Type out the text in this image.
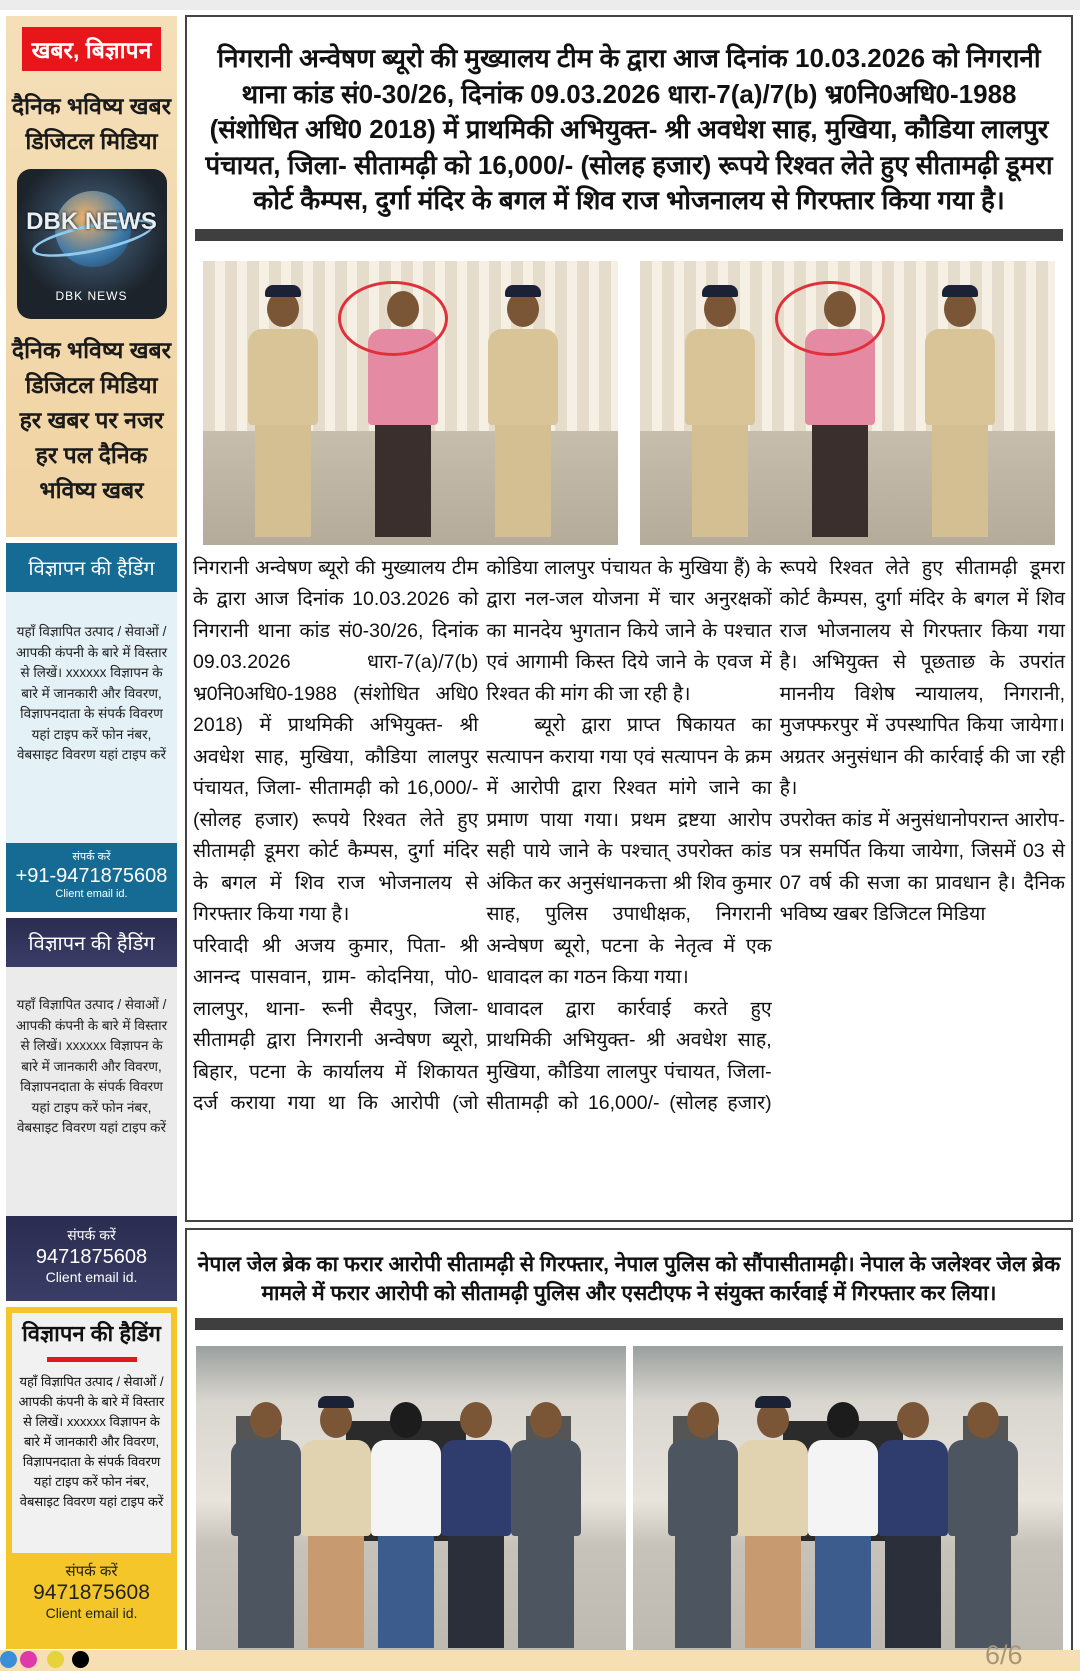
खबर, बिज्ञापन
दैनिक भविष्य खबर
डिजिटल मिडिया
DBK NEWS
DBK NEWS
दैनिक भविष्य खबर
डिजिटल मिडिया
हर खबर पर नजर
हर पल दैनिक
भविष्य खबर
विज्ञापन की हैडिंग
यहाँ विज्ञापित उत्पाद / सेवाओं / आपकी कंपनी के बारे में विस्तार से लिखें। xxxxxx विज्ञापन के बारे में जानकारी और विवरण, विज्ञापनदाता के संपर्क विवरण यहां टाइप करें फोन नंबर, वेबसाइट विवरण यहां टाइप करें
संपर्क करें
+91-9471875608
Client email id.
विज्ञापन की हैडिंग
यहाँ विज्ञापित उत्पाद / सेवाओं / आपकी कंपनी के बारे में विस्तार से लिखें। xxxxxx विज्ञापन के बारे में जानकारी और विवरण, विज्ञापनदाता के संपर्क विवरण यहां टाइप करें फोन नंबर, वेबसाइट विवरण यहां टाइप करें
संपर्क करें
9471875608
Client email id.
विज्ञापन की हैडिंग
यहाँ विज्ञापित उत्पाद / सेवाओं / आपकी कंपनी के बारे में विस्तार से लिखें। xxxxxx विज्ञापन के बारे में जानकारी और विवरण, विज्ञापनदाता के संपर्क विवरण यहां टाइप करें फोन नंबर, वेबसाइट विवरण यहां टाइप करें
संपर्क करें
9471875608
Client email id.
निगरानी अन्वेषण ब्यूरो की मुख्यालय टीम के द्वारा आज दिनांक 10.03.2026 को निगरानी थाना कांड सं0-30/26, दिनांक 09.03.2026 धारा-7(a)/7(b) भ्र0नि0अधि0-1988 (संशोधित अधि0 2018) में प्राथमिकी अभियुक्त- श्री अवधेश साह, मुखिया, कौडिया लालपुर पंचायत, जिला- सीतामढ़ी को 16,000/- (सोलह हजार) रूपये रिश्वत लेते हुए सीतामढ़ी डूमरा कोर्ट कैम्पस, दुर्गा मंदिर के बगल में शिव राज भोजनालय से गिरफ्तार किया गया है।

निगरानी अन्वेषण ब्यूरो की मुख्यालय टीम के द्वारा आज दिनांक 10.03.2026 को निगरानी थाना कांड सं0-30/26, दिनांक 09.03.2026 धारा-7(a)/7(b) भ्र0नि0अधि0-1988 (संशोधित अधि0 2018) में प्राथमिकी अभियुक्त- श्री अवधेश साह, मुखिया, कौडिया लालपुर पंचायत, जिला- सीतामढ़ी को 16,000/- (सोलह हजार) रूपये रिश्वत लेते हुए सीतामढ़ी डूमरा कोर्ट कैम्पस, दुर्गा मंदिर के बगल में शिव राज भोजनालय से गिरफ्तार किया गया है।

परिवादी श्री अजय कुमार, पिता- श्री आनन्द पासवान, ग्राम- कोदनिया, पो0- लालपुर, थाना- रूनी सैदपुर, जिला- सीतामढ़ी द्वारा निगरानी अन्वेषण ब्यूरो, बिहार, पटना के कार्यालय में शिकायत दर्ज कराया गया था कि आरोपी (जो कोडिया लालपुर पंचायत के मुखिया हैं) के द्वारा नल-जल योजना में चार अनुरक्षकों का मानदेय भुगतान किये जाने के पश्चात एवं आगामी किस्त दिये जाने के एवज में रिश्वत की मांग की जा रही है।

ब्यूरो द्वारा प्राप्त षिकायत का सत्यापन कराया गया एवं सत्यापन के क्रम में आरोपी द्वारा रिश्वत मांगे जाने का प्रमाण पाया गया। प्रथम द्रष्टया आरोप सही पाये जाने के पश्चात् उपरोक्त कांड अंकित कर अनुसंधानकत्ता श्री शिव कुमार साह, पुलिस उपाधीक्षक, निगरानी अन्वेषण ब्यूरो, पटना के नेतृत्व में एक धावादल का गठन किया गया।

धावादल द्वारा कार्रवाई करते हुए प्राथमिकी अभियुक्त- श्री अवधेश साह, मुखिया, कौडिया लालपुर पंचायत, जिला- सीतामढ़ी को 16,000/- (सोलह हजार) रूपये रिश्वत लेते हुए सीतामढ़ी डूमरा कोर्ट कैम्पस, दुर्गा मंदिर के बगल में शिव राज भोजनालय से गिरफ्तार किया गया है। अभियुक्त से पूछताछ के उपरांत माननीय विशेष न्यायालय, निगरानी, मुजफ्फरपुर में उपस्थापित किया जायेगा। अग्रतर अनुसंधान की कार्रवाई की जा रही है।

उपरोक्त कांड में अनुसंधानोपरान्त आरोप-पत्र समर्पित किया जायेगा, जिसमें 03 से 07 वर्ष की सजा का प्रावधान है। दैनिक भविष्य खबर डिजिटल मिडिया

नेपाल जेल ब्रेक का फरार आरोपी सीतामढ़ी से गिरफ्तार, नेपाल पुलिस को सौंपासीतामढ़ी। नेपाल के जलेश्वर जेल ब्रेक मामले में फरार आरोपी को सीतामढ़ी पुलिस और एसटीएफ ने संयुक्त कार्रवाई में गिरफ्तार कर लिया।
6/6
